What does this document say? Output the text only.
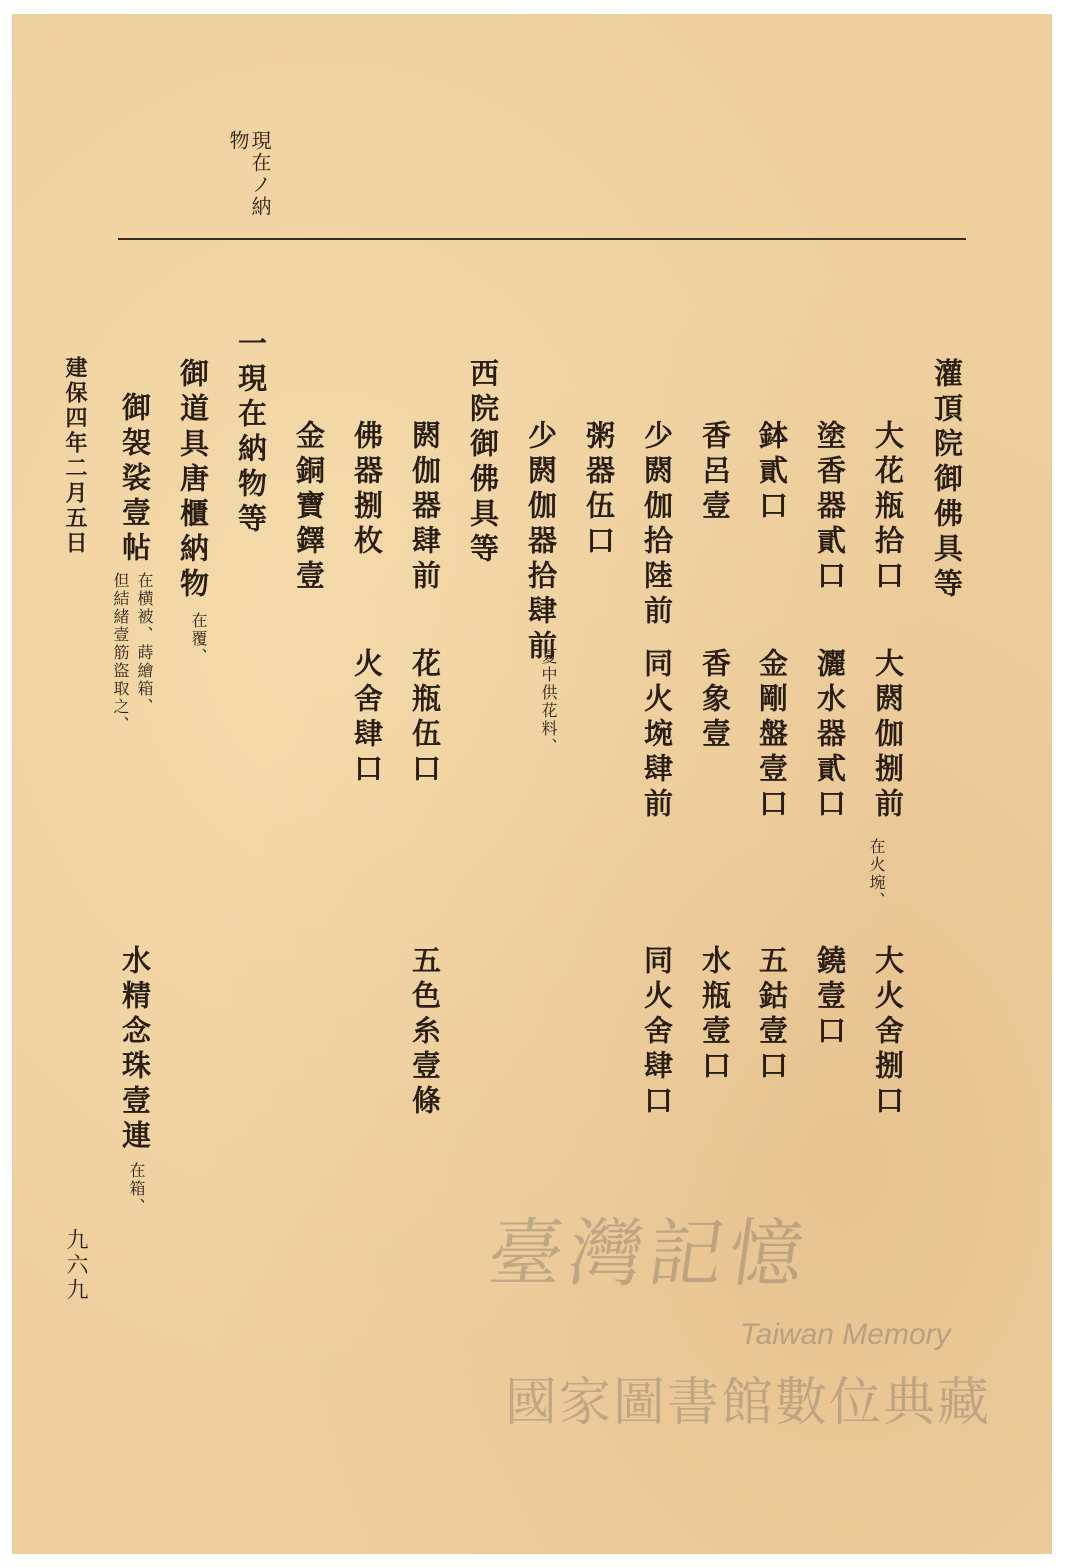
現在ノ納
物
灌頂院御佛具等
大花瓶拾口
大閼伽捌前
在火埦、
大火舍捌口
塗香器貳口
灑水器貳口
鐃壹口
鉢貳口
金剛盤壹口
五鈷壹口
香呂壹
香象壹
水瓶壹口
少閼伽拾陸前
同火埦肆前
同火舍肆口
粥器伍口
少閼伽器拾肆前
夏中供花料、
西院御佛具等
閼伽器肆前
花瓶伍口
五色糸壹條
佛器捌枚
火舍肆口
金銅寶鐸壹
一現在納物等
御道具唐櫃納物
在覆、
御袈裟壹帖
在横被、蒔繪箱、
但結緒壹筋盜取之、
水精念珠壹連
在箱、
建保四年二月五日
九六九	臺灣記憶
Taiwan Memory
國家圖書館數位典藏
